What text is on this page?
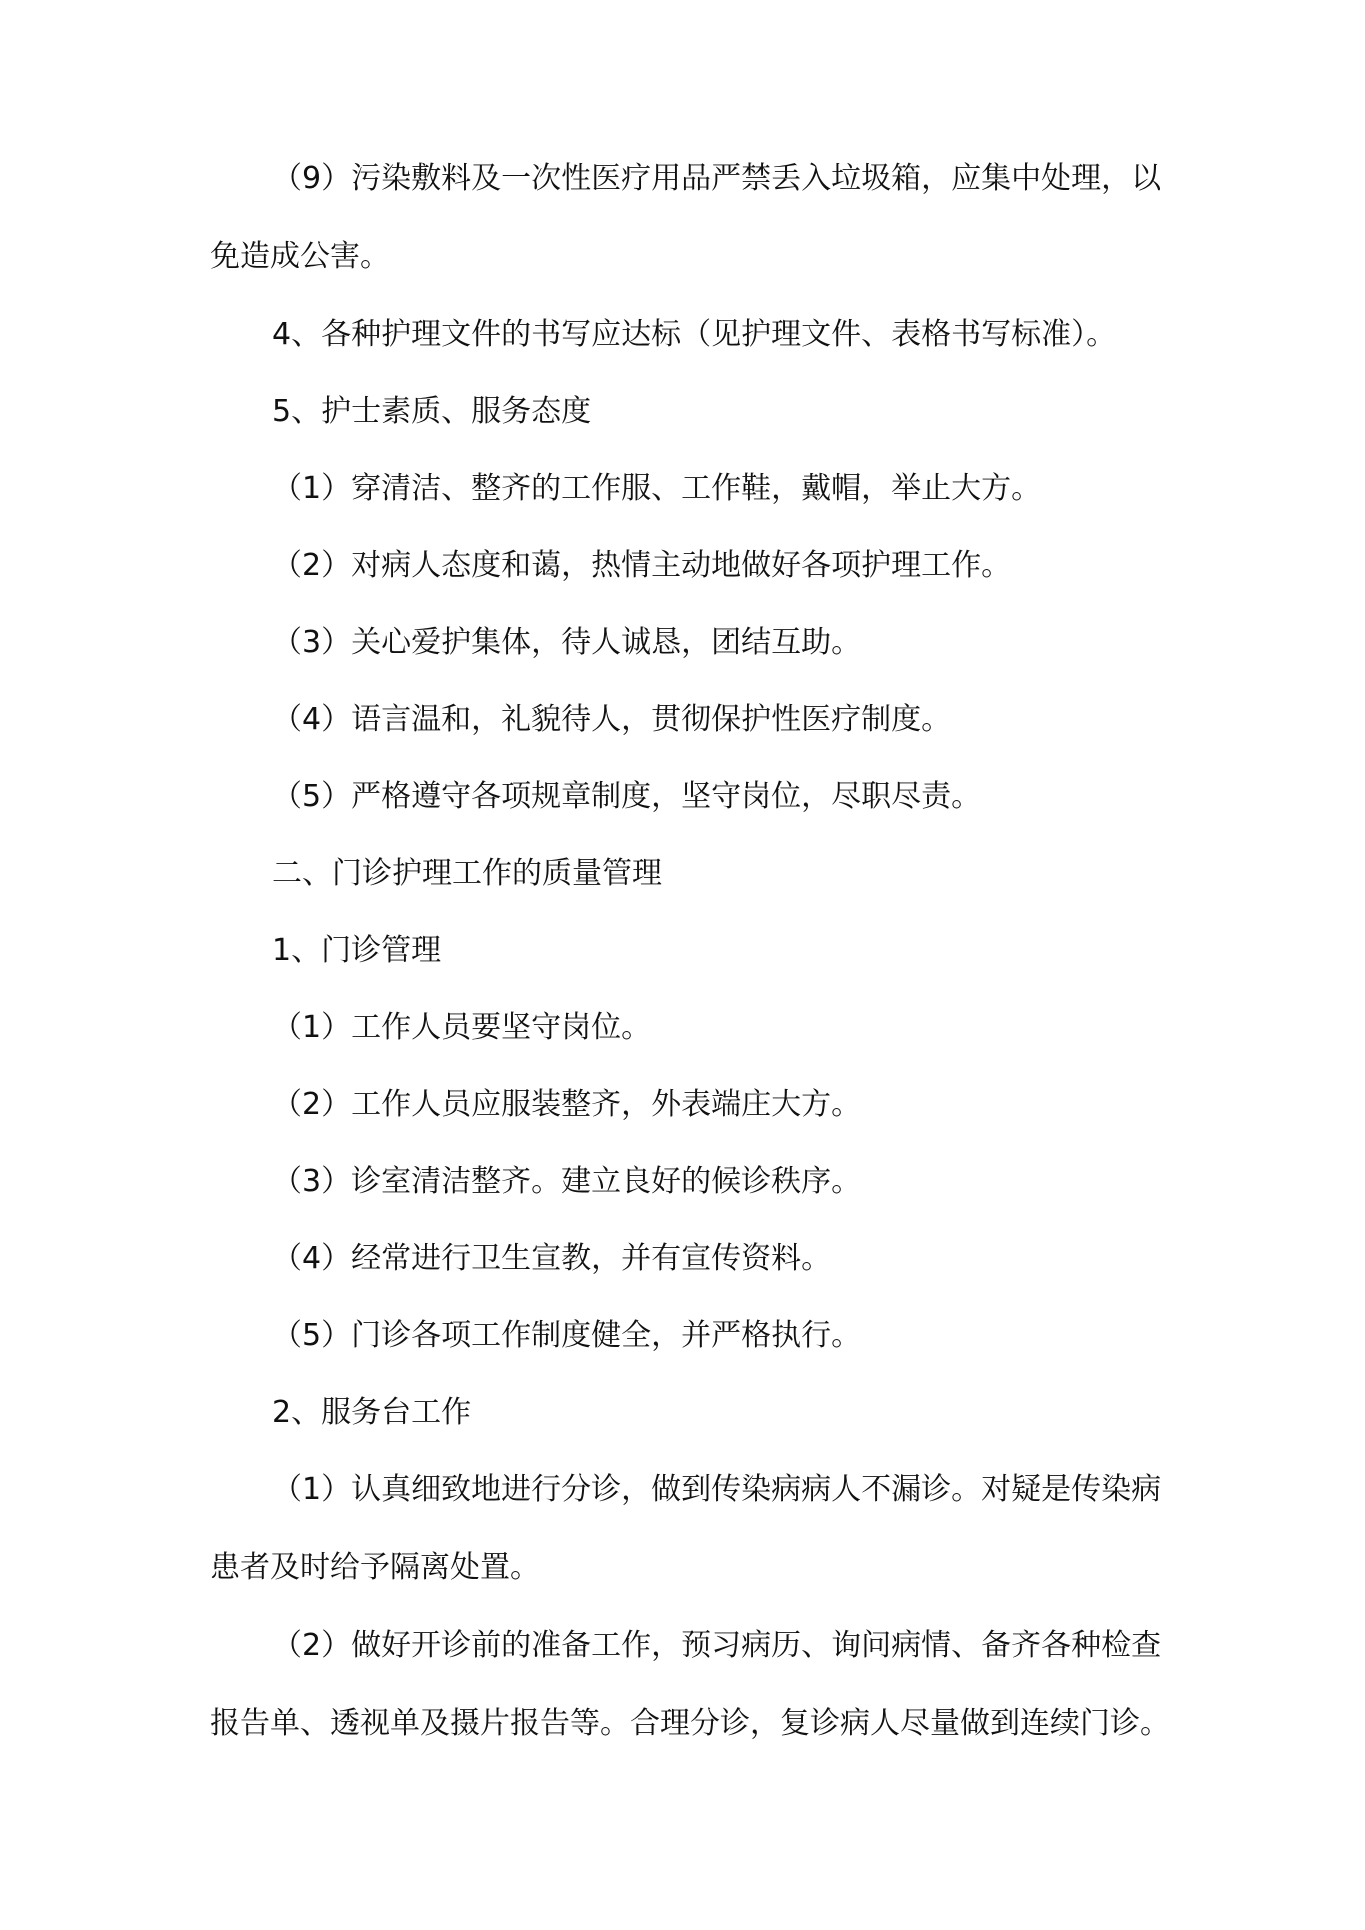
（9）污染敷料及一次性医疗用品严禁丢入垃圾箱，应集中处理，以免造成公害。

4、各种护理文件的书写应达标（见护理文件、表格书写标准）。

5、护士素质、服务态度

（1）穿清洁、整齐的工作服、工作鞋，戴帽，举止大方。

（2）对病人态度和蔼，热情主动地做好各项护理工作。

（3）关心爱护集体，待人诚恳，团结互助。

（4）语言温和，礼貌待人，贯彻保护性医疗制度。

（5）严格遵守各项规章制度，坚守岗位，尽职尽责。

二、门诊护理工作的质量管理

1、门诊管理

（1）工作人员要坚守岗位。

（2）工作人员应服装整齐，外表端庄大方。

（3）诊室清洁整齐。建立良好的候诊秩序。

（4）经常进行卫生宣教，并有宣传资料。

（5）门诊各项工作制度健全，并严格执行。

2、服务台工作

（1）认真细致地进行分诊，做到传染病病人不漏诊。对疑是传染病患者及时给予隔离处置。

（2）做好开诊前的准备工作，预习病历、询问病情、备齐各种检查报告单、透视单及摄片报告等。合理分诊，复诊病人尽量做到连续门诊。
